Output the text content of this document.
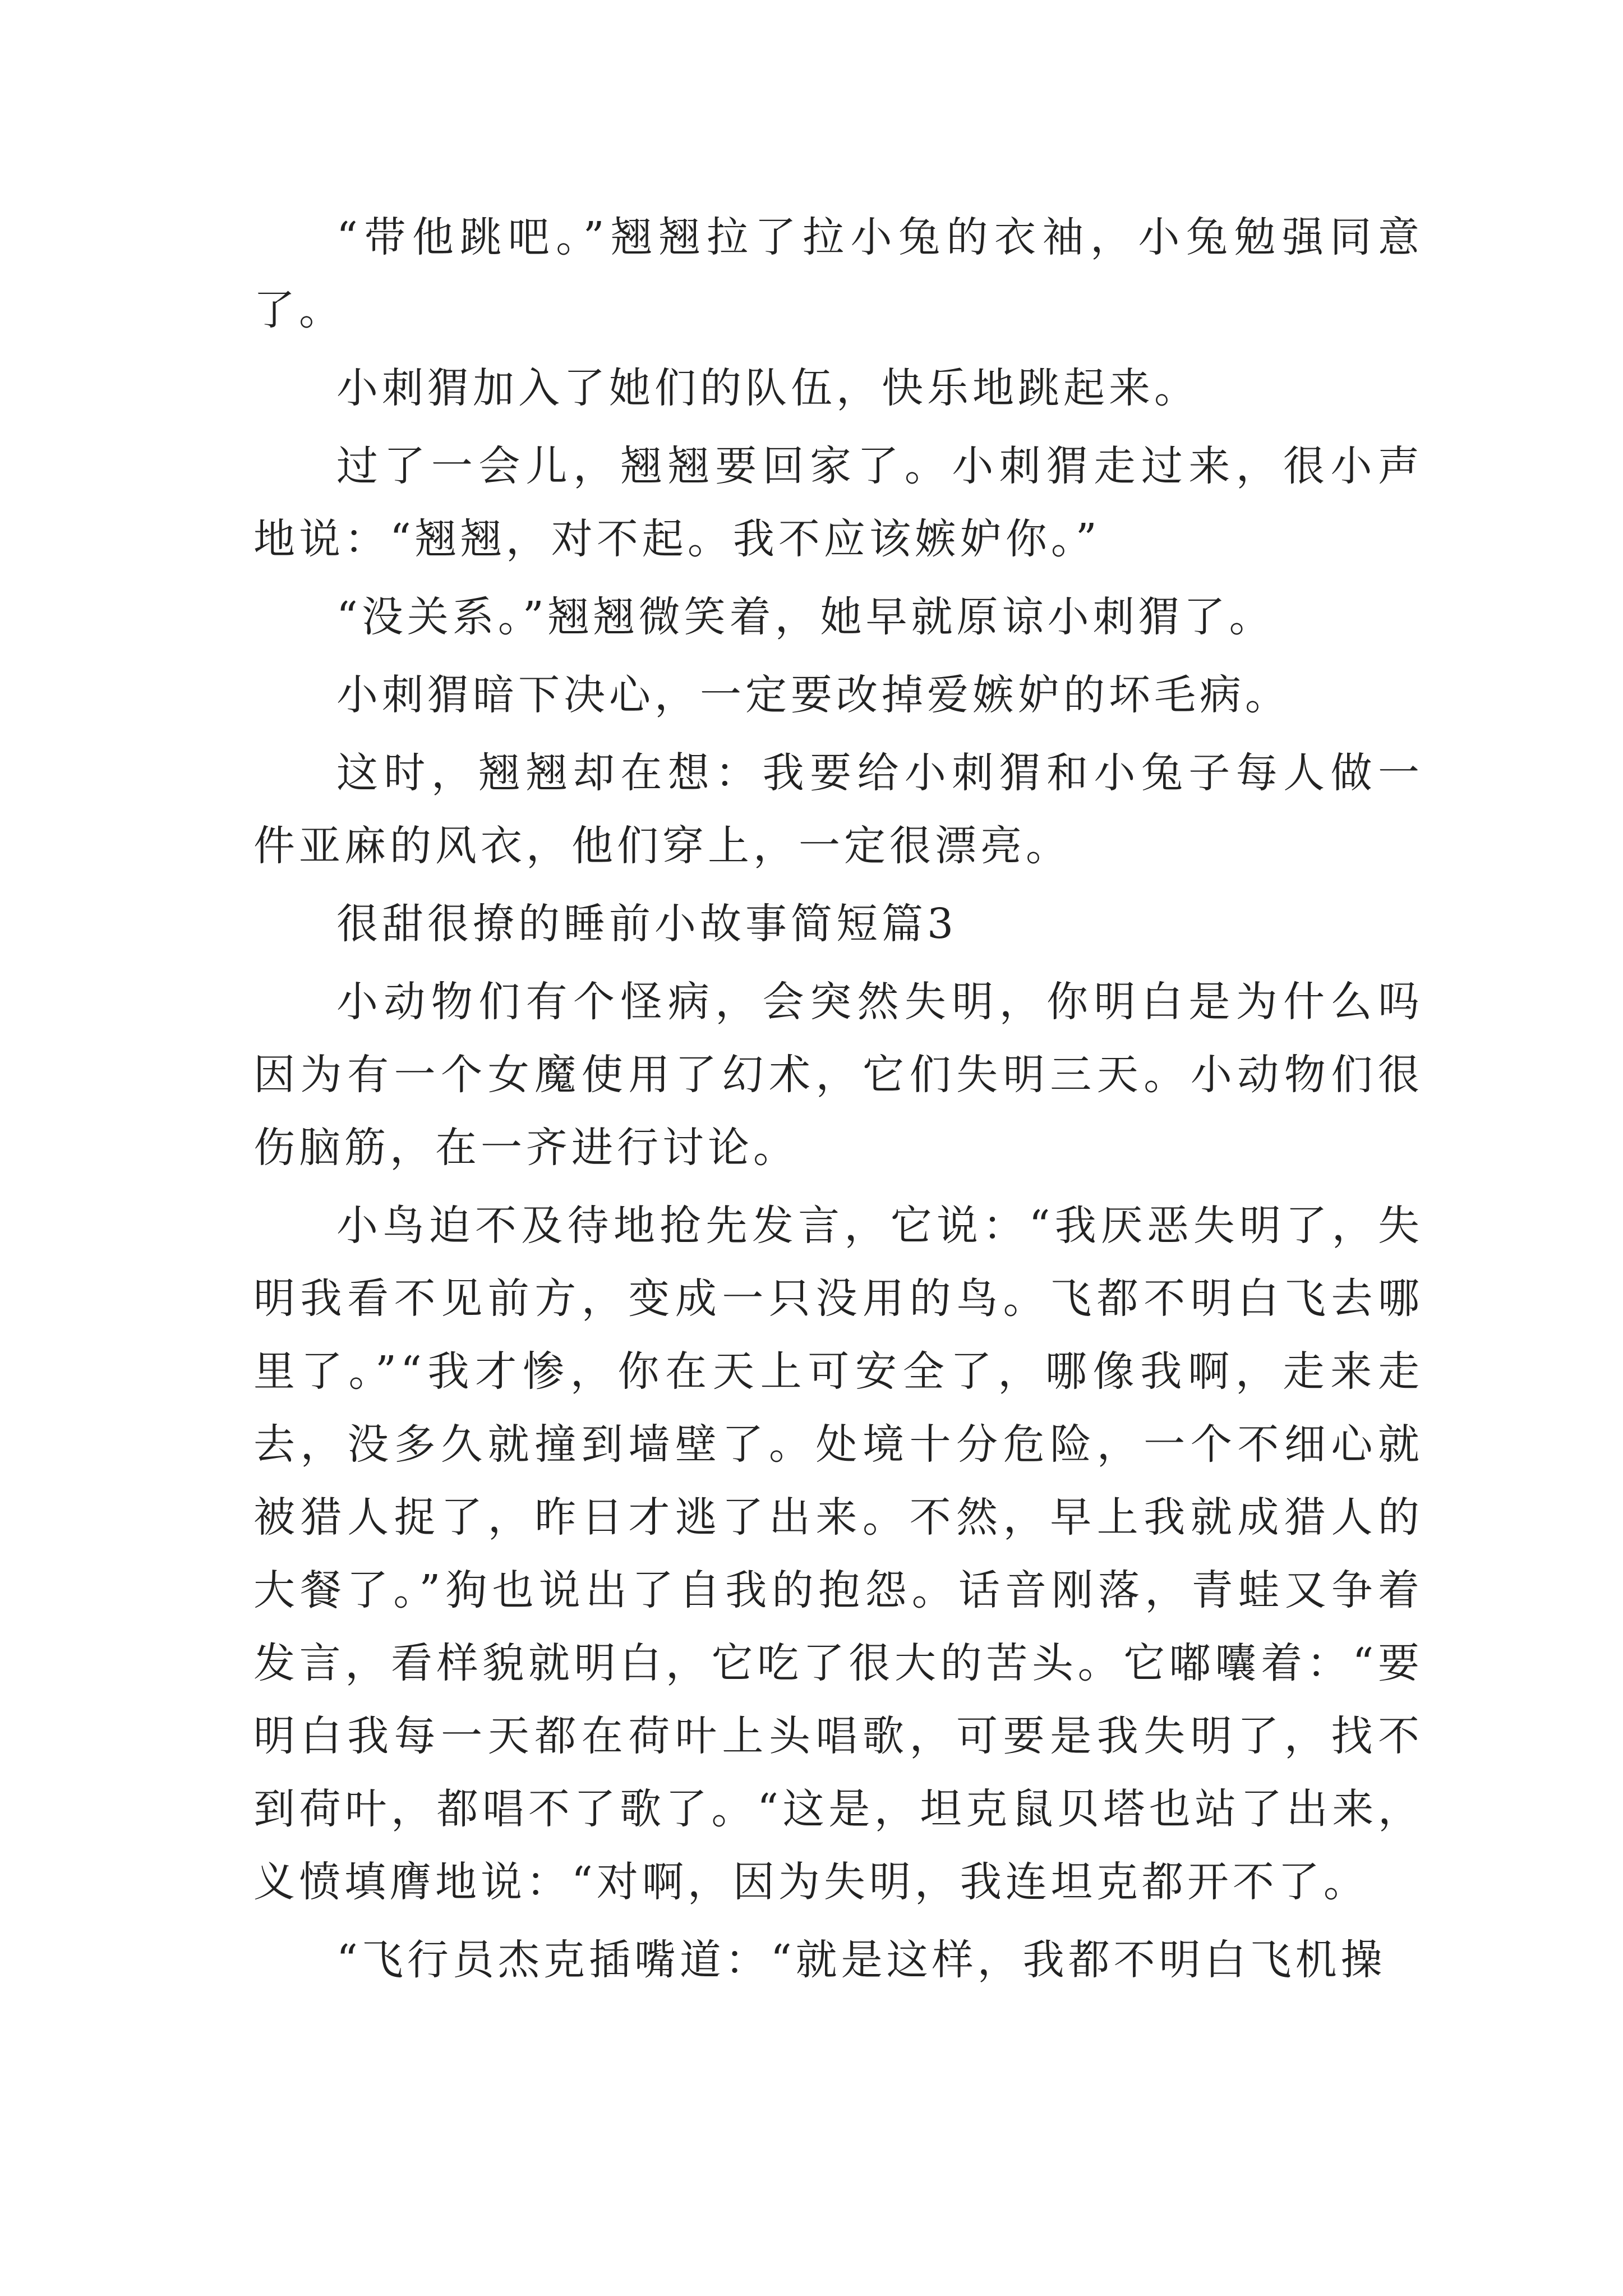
“带他跳吧。”翘翘拉了拉小兔的衣袖，小兔勉强同意了。

小刺猬加入了她们的队伍，快乐地跳起来。

过了一会儿，翘翘要回家了。小刺猬走过来，很小声地说：“翘翘，对不起。我不应该嫉妒你。”

“没关系。”翘翘微笑着，她早就原谅小刺猬了。

小刺猬暗下决心，一定要改掉爱嫉妒的坏毛病。

这时，翘翘却在想：我要给小刺猬和小兔子每人做一件亚麻的风衣，他们穿上，一定很漂亮。

很甜很撩的睡前小故事简短篇3

小动物们有个怪病，会突然失明，你明白是为什么吗因为有一个女魔使用了幻术，它们失明三天。小动物们很伤脑筋，在一齐进行讨论。

小鸟迫不及待地抢先发言，它说：“我厌恶失明了，失明我看不见前方，变成一只没用的鸟。飞都不明白飞去哪里了。”“我才惨，你在天上可安全了，哪像我啊，走来走去，没多久就撞到墙壁了。处境十分危险，一个不细心就被猎人捉了，昨日才逃了出来。不然，早上我就成猎人的大餐了。”狗也说出了自我的抱怨。话音刚落，青蛙又争着发言，看样貌就明白，它吃了很大的苦头。它嘟囔着：“要明白我每一天都在荷叶上头唱歌，可要是我失明了，找不到荷叶，都唱不了歌了。“这是，坦克鼠贝塔也站了出来，义愤填膺地说：“对啊，因为失明，我连坦克都开不了。

“飞行员杰克插嘴道：“就是这样，我都不明白飞机操
